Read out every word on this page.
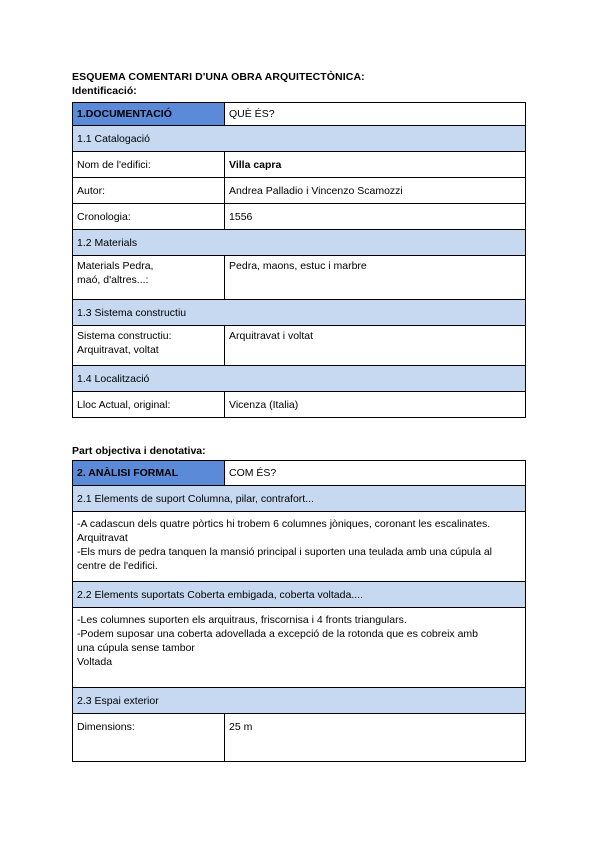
ESQUEMA COMENTARI D'UNA OBRA ARQUITECTÒNICA:
Identificació:
1.DOCUMENTACIÓ	QUÈ ÉS?
1.1 Catalogació	
Nom de l'edifici:	Villa capra
Autor:	Andrea Palladio i Vincenzo Scamozzi
Cronologia:	1556
1.2 Materials	

Materials Pedra,
maó, d'altres...:	Pedra, maons, estuc i marbre
1.3 Sistema constructiu	

Sistema constructiu:
Arquitravat, voltat	Arquitravat i voltat
1.4 Localització	
Lloc Actual, original:	Vicenza (Italia)
Part objectiva i denotativa:
2. ANÀLISI FORMAL	COM ÉS?
2.1 Elements de suport Columna, pilar, contrafort...	

-A cadascun dels quatre pòrtics hi trobem 6 columnes jòniques, coronant les escalinates.
Arquitravat
-Els murs de pedra tanquen la mansió principal i suporten una teulada amb una cúpula al
centre de l'edifici.	

2.2 Elements suportats Coberta embigada, coberta voltada....	

-Les columnes suporten els arquitraus, friscornisa i 4 fronts triangulars.
-Podem suposar una coberta adovellada a excepció de la rotonda que es cobreix amb
una cúpula sense tambor
Voltada	

2.3 Espai exterior	
Dimensions:	25 m
